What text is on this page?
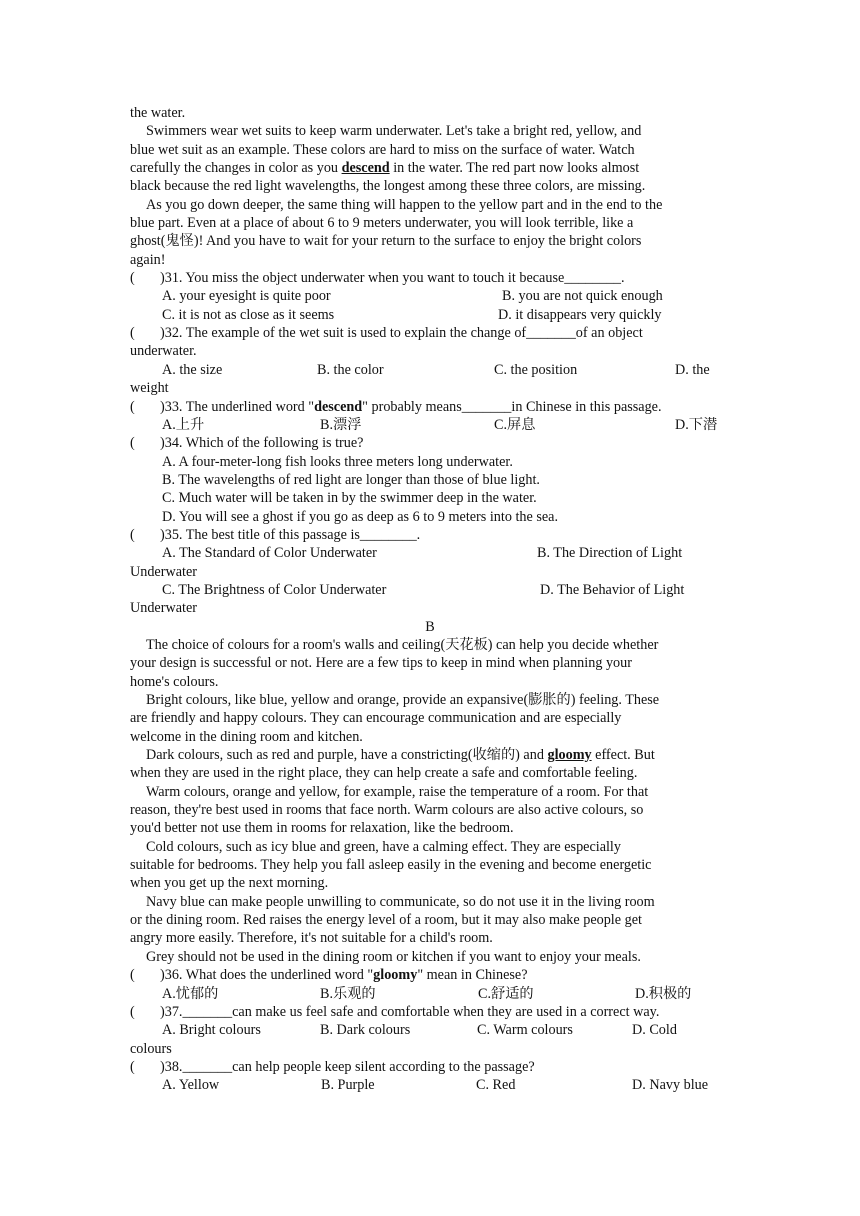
the water.
Swimmers wear wet suits to keep warm underwater. Let's take a bright red, yellow, and
blue wet suit as an example. These colors are hard to miss on the surface of water. Watch
carefully the changes in color as you descend in the water. The red part now looks almost
black because the red light wavelengths, the longest among these three colors, are missing.
As you go down deeper, the same thing will happen to the yellow part and in the end to the
blue part. Even at a place of about 6 to 9 meters underwater, you will look terrible, like a
ghost(鬼怪)! And you have to wait for your return to the surface to enjoy the bright colors
again!
( )31. You miss the object underwater when you want to touch it because________.
A. your eyesight is quite poor	B. you are not quick enough
C. it is not as close as it seems	D. it disappears very quickly
( )32. The example of the wet suit is used to explain the change of_______of an object
underwater.
A. the size	B. the color	C. the position	D. the
weight
( )33. The underlined word "descend" probably means_______in Chinese in this passage.
A.上升	B.漂浮	C.屏息	D.下潜
( )34. Which of the following is true?
A. A four-meter-long fish looks three meters long underwater.
B. The wavelengths of red light are longer than those of blue light.
C. Much water will be taken in by the swimmer deep in the water.
D. You will see a ghost if you go as deep as 6 to 9 meters into the sea.
( )35. The best title of this passage is________.
A. The Standard of Color Underwater	B. The Direction of Light
Underwater
C. The Brightness of Color Underwater	D. The Behavior of Light
Underwater
B
The choice of colours for a room's walls and ceiling(天花板) can help you decide whether
your design is successful or not. Here are a few tips to keep in mind when planning your
home's colours.
Bright colours, like blue, yellow and orange, provide an expansive(膨胀的) feeling. These
are friendly and happy colours. They can encourage communication and are especially
welcome in the dining room and kitchen.
Dark colours, such as red and purple, have a constricting(收缩的) and gloomy effect. But
when they are used in the right place, they can help create a safe and comfortable feeling.
Warm colours, orange and yellow, for example, raise the temperature of a room. For that
reason, they're best used in rooms that face north. Warm colours are also active colours, so
you'd better not use them in rooms for relaxation, like the bedroom.
Cold colours, such as icy blue and green, have a calming effect. They are especially
suitable for bedrooms. They help you fall asleep easily in the evening and become energetic
when you get up the next morning.
Navy blue can make people unwilling to communicate, so do not use it in the living room
or the dining room. Red raises the energy level of a room, but it may also make people get
angry more easily. Therefore, it's not suitable for a child's room.
Grey should not be used in the dining room or kitchen if you want to enjoy your meals.
( )36. What does the underlined word "gloomy" mean in Chinese?
A.忧郁的	B.乐观的	C.舒适的	D.积极的
( )37._______can make us feel safe and comfortable when they are used in a correct way.
A. Bright colours	B. Dark colours	C. Warm colours	D. Cold
colours
( )38._______can help people keep silent according to the passage?
A. Yellow	B. Purple	C. Red	D. Navy blue
